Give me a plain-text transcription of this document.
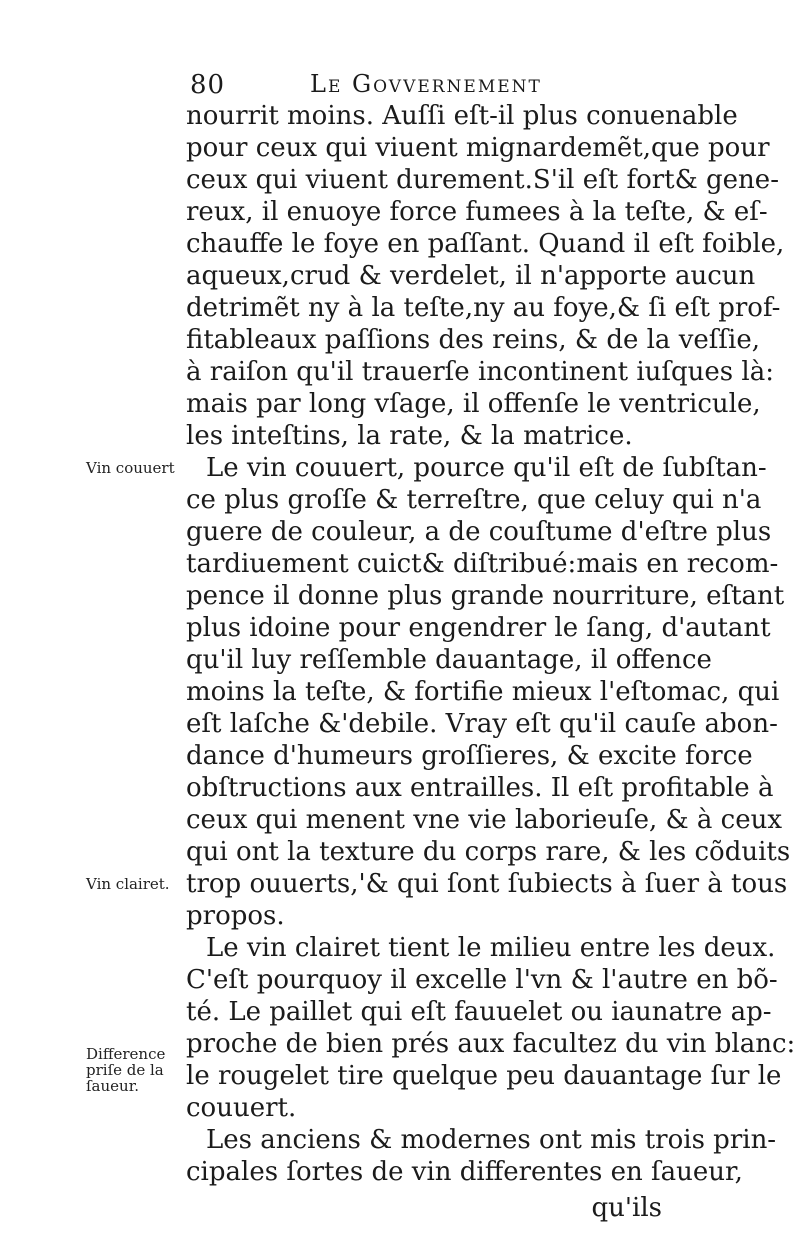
80	Le Govvernement
nourrit moins. Auſſi eſt-il plus conuenable
pour ceux qui viuent mignardemẽt,que pour
ceux qui viuent durement.S'il eſt fort& gene-
reux, il enuoye force fumees à la teſte, & eſ-
chauffe le foye en paſſant. Quand il eſt foible,
aqueux,crud & verdelet, il n'apporte aucun
detrimẽt ny à la teſte,ny au foye,& ſi eſt prof-
fitableaux paſſions des reins, & de la veſſie,
à raiſon qu'il trauerſe incontinent iuſques là:
mais par long vſage, il offenſe le ventricule,
les inteſtins, la rate, & la matrice.
Le vin couuert, pource qu'il eſt de ſubſtan-
ce plus groſſe & terreſtre, que celuy qui n'a
guere de couleur, a de couſtume d'eſtre plus
tardiuement cuict& diſtribué:mais en recom-
pence il donne plus grande nourriture, eſtant
plus idoine pour engendrer le ſang, d'autant
qu'il luy reſſemble dauantage, il offence
moins la teſte, & fortifie mieux l'eſtomac, qui
eſt laſche &'debile. Vray eſt qu'il cauſe abon-
dance d'humeurs groſſieres, & excite force
obſtructions aux entrailles. Il eſt profitable à
ceux qui menent vne vie laborieuſe, & à ceux
qui ont la texture du corps rare, & les cõduits
trop ouuerts,'& qui ſont ſubiects à ſuer à tous
propos.
Le vin clairet tient le milieu entre les deux.
C'eſt pourquoy il excelle l'vn & l'autre en bõ-
té. Le paillet qui eſt fauuelet ou iaunatre ap-
proche de bien prés aux facultez du vin blanc:
le rougelet tire quelque peu dauantage ſur le
couuert.
Les anciens & modernes ont mis trois prin-
cipales ſortes de vin differentes en ſaueur,
qu'ils
Vin couuert
Vin clairet.
Difference
priſe de la
ſaueur.
